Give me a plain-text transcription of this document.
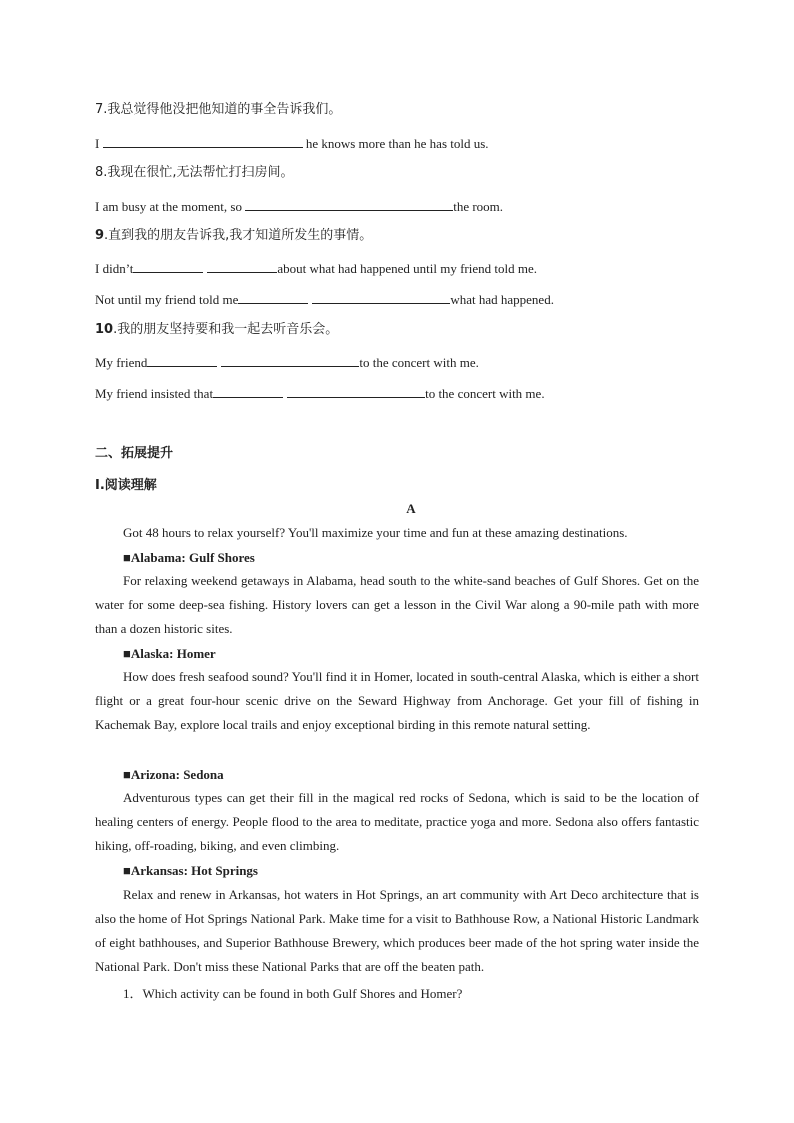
7.我总觉得他没把他知道的事全告诉我们。
I	he knows more than he has told us.
8.我现在很忙,无法帮忙打扫房间。
I am busy at the moment, so	the room.
9.直到我的朋友告诉我,我才知道所发生的事情。
I didn’t	about what had happened until my friend told me.
Not until my friend told me	what had happened.
10.我的朋友坚持要和我一起去听音乐会。
My friend	to the concert with me.
My friend insisted that	to the concert with me.
二、拓展提升
I.阅读理解
A
Got 48 hours to relax yourself? You'll maximize your time and fun at these amazing destinations.
■Alabama: Gulf Shores
For relaxing weekend getaways in Alabama, head south to the white-sand beaches of Gulf Shores. Get on the water for some deep-sea fishing. History lovers can get a lesson in the Civil War along a 90-mile path with more than a dozen historic sites.
■Alaska: Homer
How does fresh seafood sound? You'll find it in Homer, located in south-central Alaska, which is either a short flight or a great four-hour scenic drive on the Seward Highway from Anchorage. Get your fill of fishing in Kachemak Bay, explore local trails and enjoy exceptional birding in this remote natural setting.
■Arizona: Sedona
Adventurous types can get their fill in the magical red rocks of Sedona, which is said to be the location of healing centers of energy. People flood to the area to meditate, practice yoga and more. Sedona also offers fantastic hiking, off-roading, biking, and even climbing.
■Arkansas: Hot Springs
Relax and renew in Arkansas, hot waters in Hot Springs, an art community with Art Deco architecture that is also the home of Hot Springs National Park. Make time for a visit to Bathhouse Row, a National Historic Landmark of eight bathhouses, and Superior Bathhouse Brewery, which produces beer made of the hot spring water inside the National Park. Don't miss these National Parks that are off the beaten path.
1．Which activity can be found in both Gulf Shores and Homer?
